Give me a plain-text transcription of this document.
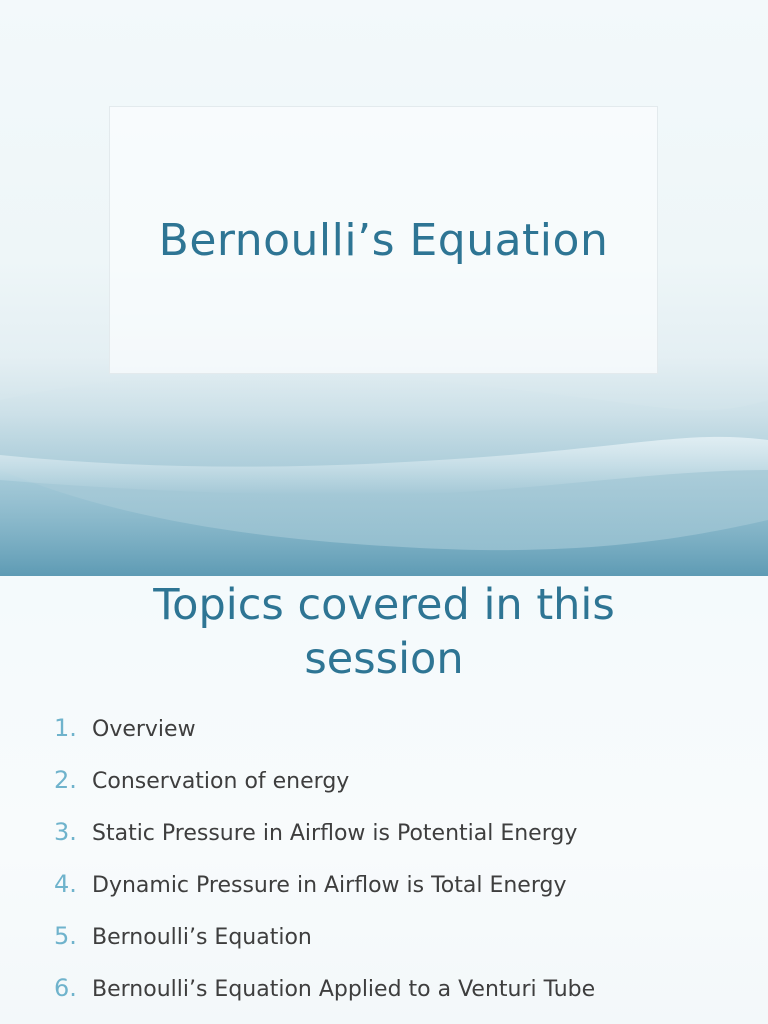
Bernoulli’s Equation
Topics covered in this
session
1. Overview
2. Conservation of energy
3. Static Pressure in Airflow is Potential Energy
4. Dynamic Pressure in Airflow is Total Energy
5. Bernoulli’s Equation
6. Bernoulli’s Equation Applied to a Venturi Tube
